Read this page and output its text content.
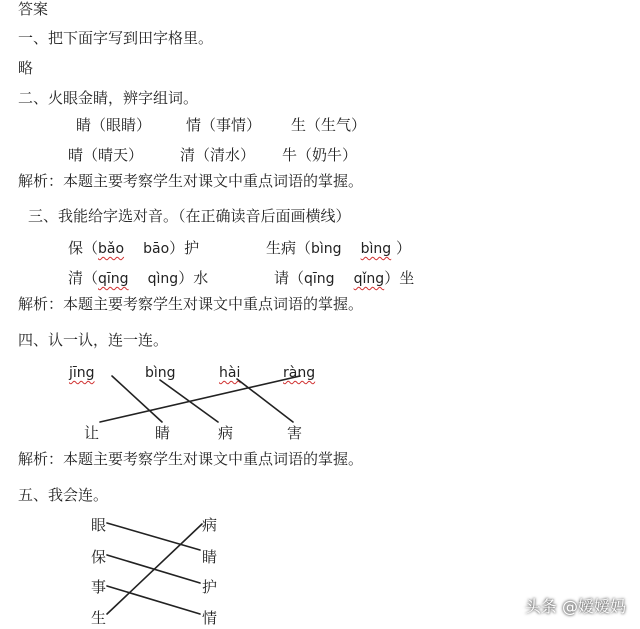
答案
一、把下面字写到田字格里。
略
二、火眼金睛，辨字组词。
睛（眼睛） 情（事情） 生（生气）
晴（晴天） 清（清水） 牛（奶牛）
解析：本题主要考察学生对课文中重点词语的掌握。
三、我能给字选对音。（在正确读音后面画横线）
保（bǎo bāo）护	生病（bìng bìng ）
清（qīng qìng）水	请（qīng qǐng）坐
解析：本题主要考察学生对课文中重点词语的掌握。
四、认一认，连一连。
jīng	bìng	hài	ràng
让	睛	病	害
解析：本题主要考察学生对课文中重点词语的掌握。
五、我会连。
眼
保
事
生
病
睛
护
情
头条 @嫒嫒妈
